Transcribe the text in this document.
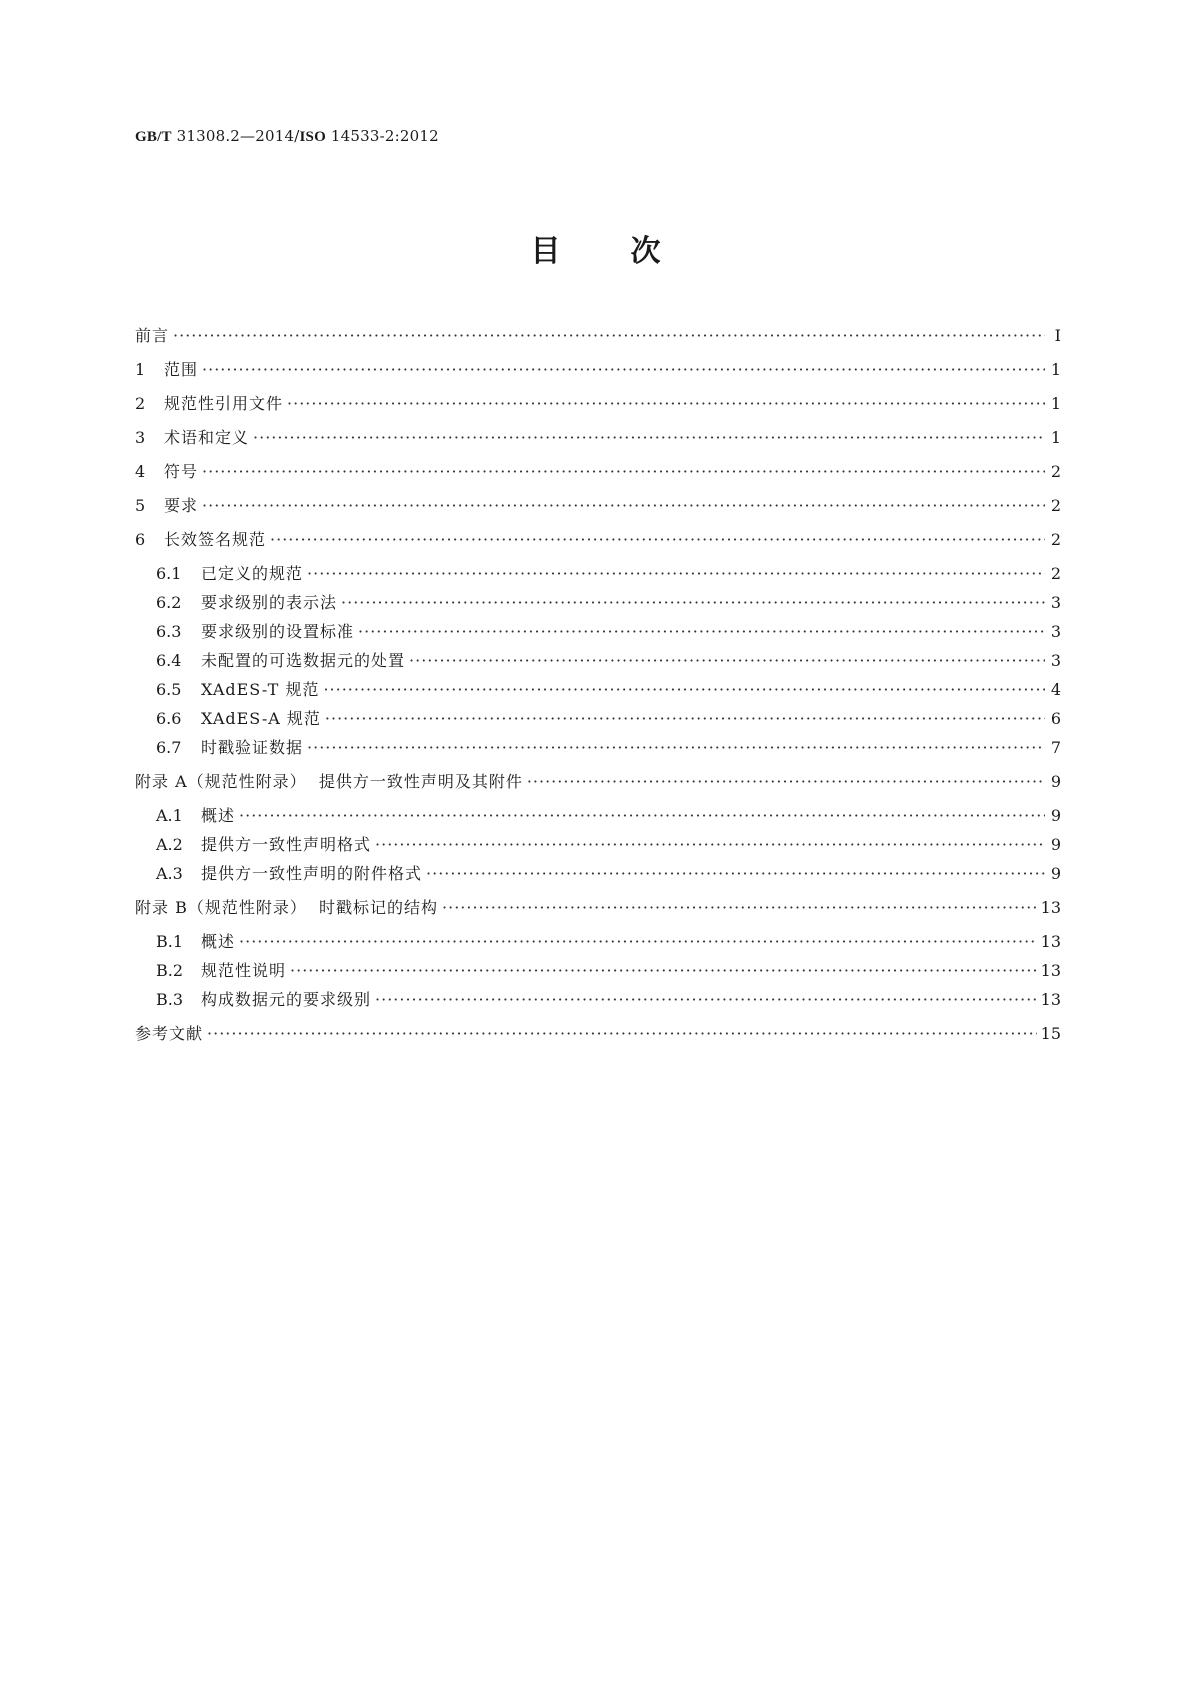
GB/T 31308.2—2014/ISO 14533-2:2012
目 次
前言 ·····	Ⅰ
1	范围 ·····	1
2	规范性引用文件 ·····	1
3	术语和定义 ·····	1
4	符号 ·····	2
5	要求 ·····	2
6	长效签名规范 ·····	2
6.1	已定义的规范 ·····	2
6.2	要求级别的表示法 ·····	3
6.3	要求级别的设置标准 ·····	3
6.4	未配置的可选数据元的处置 ·····	3
6.5	XAdES-T 规范 ·····	4
6.6	XAdES-A 规范 ·····	6
6.7	时戳验证数据 ·····	7
附录 A（规范性附录）  提供方一致性声明及其附件 ·····	9
A.1	概述 ·····	9
A.2	提供方一致性声明格式 ·····	9
A.3	提供方一致性声明的附件格式 ·····	9
附录 B（规范性附录）  时戳标记的结构 ·····	13
B.1	概述 ·····	13
B.2	规范性说明 ·····	13
B.3	构成数据元的要求级别 ·····	13
参考文献 ·····	15
